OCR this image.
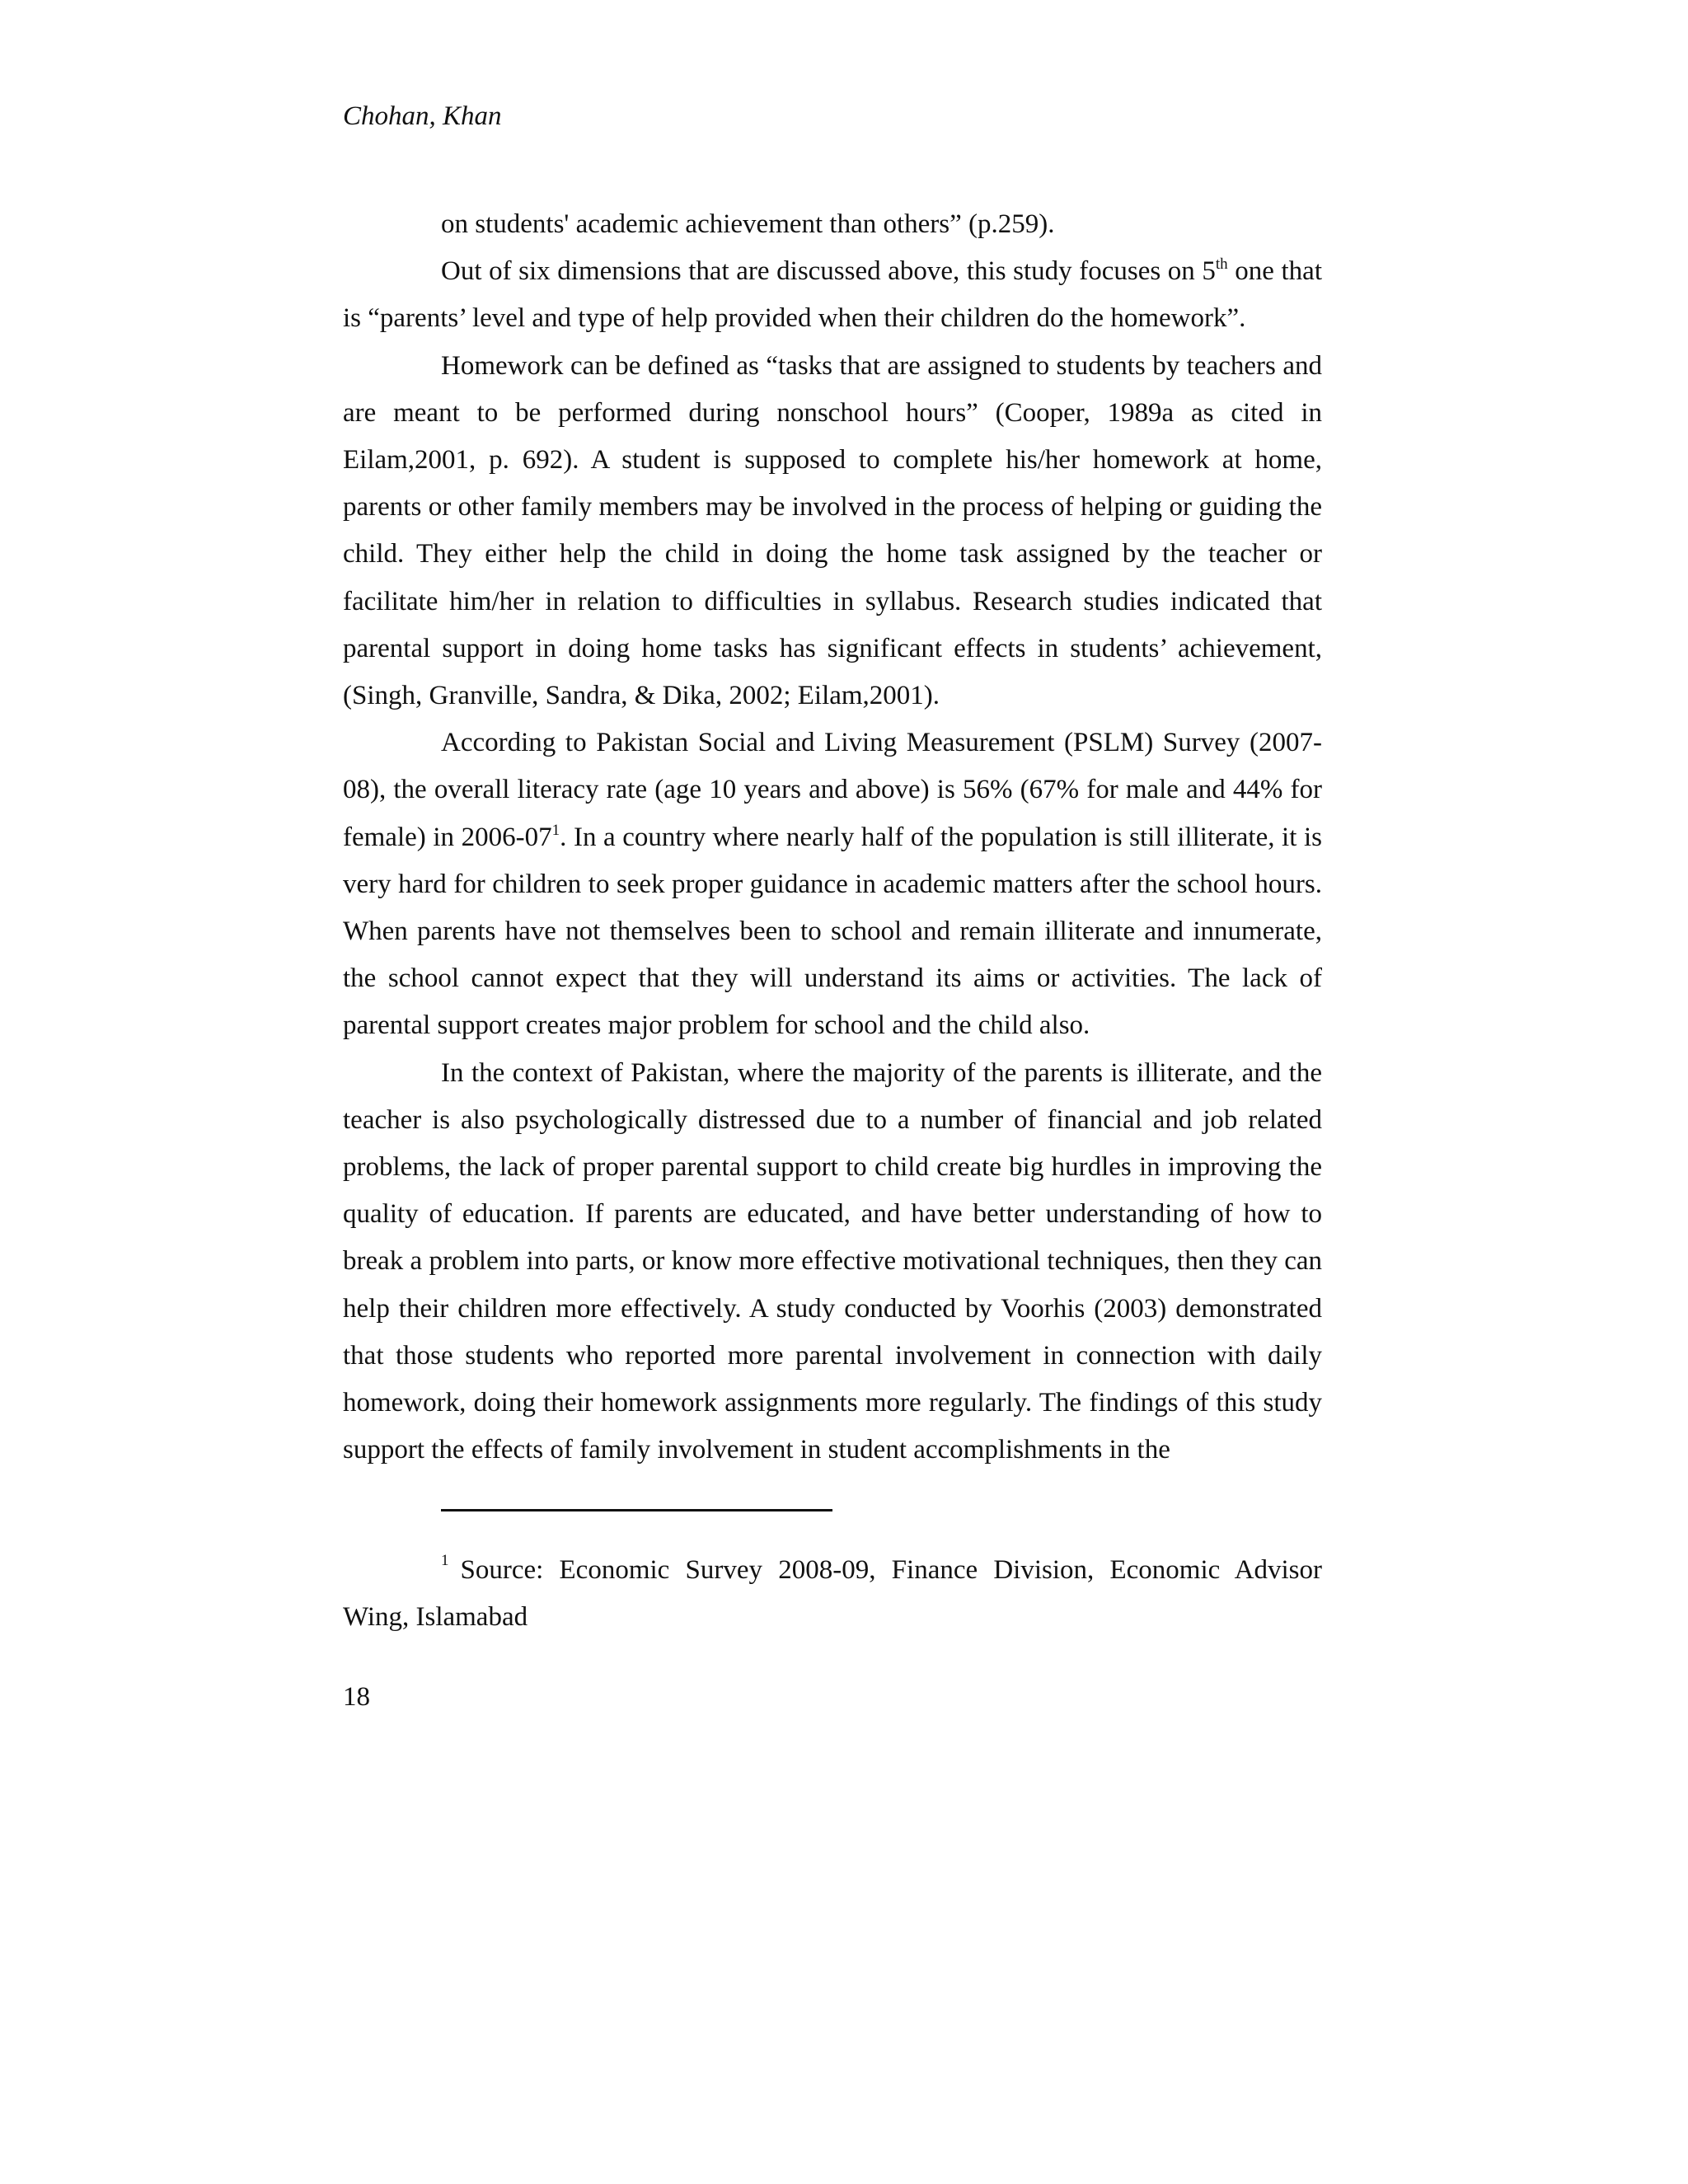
Chohan, Khan

on students' academic achievement than others” (p.259).

Out of six dimensions that are discussed above, this study focuses on 5th one that is “parents’ level and type of help provided when their children do the homework”.

Homework can be defined as “tasks that are assigned to students by teachers and are meant to be performed during nonschool hours” (Cooper, 1989a as cited in Eilam,2001, p. 692). A student is supposed to complete his/her homework at home, parents or other family members may be involved in the process of helping or guiding the child. They either help the child in doing the home task assigned by the teacher or facilitate him/her in relation to difficulties in syllabus. Research studies indicated that parental support in doing home tasks has significant effects in students’ achievement, (Singh, Granville, Sandra, & Dika, 2002; Eilam,2001).

According to Pakistan Social and Living Measurement (PSLM) Survey (2007-08), the overall literacy rate (age 10 years and above) is 56% (67% for male and 44% for female) in $2006-07^1$. In a country where nearly half of the population is still illiterate, it is very hard for children to seek proper guidance in academic matters after the school hours. When parents have not themselves been to school and remain illiterate and innumerate, the school cannot expect that they will understand its aims or activities. The lack of parental support creates major problem for school and the child also.

In the context of Pakistan, where the majority of the parents is illiterate, and the teacher is also psychologically distressed due to a number of financial and job related problems, the lack of proper parental support to child create big hurdles in improving the quality of education. If parents are educated, and have better understanding of how to break a problem into parts, or know more effective motivational techniques, then they can help their children more effectively. A study conducted by Voorhis (2003) demonstrated that those students who reported more parental involvement in connection with daily homework, doing their homework assignments more regularly. The findings of this study support the effects of family involvement in student accomplishments in the

$^1$ Source: Economic Survey 2008-09, Finance Division, Economic Advisor Wing, Islamabad

18
